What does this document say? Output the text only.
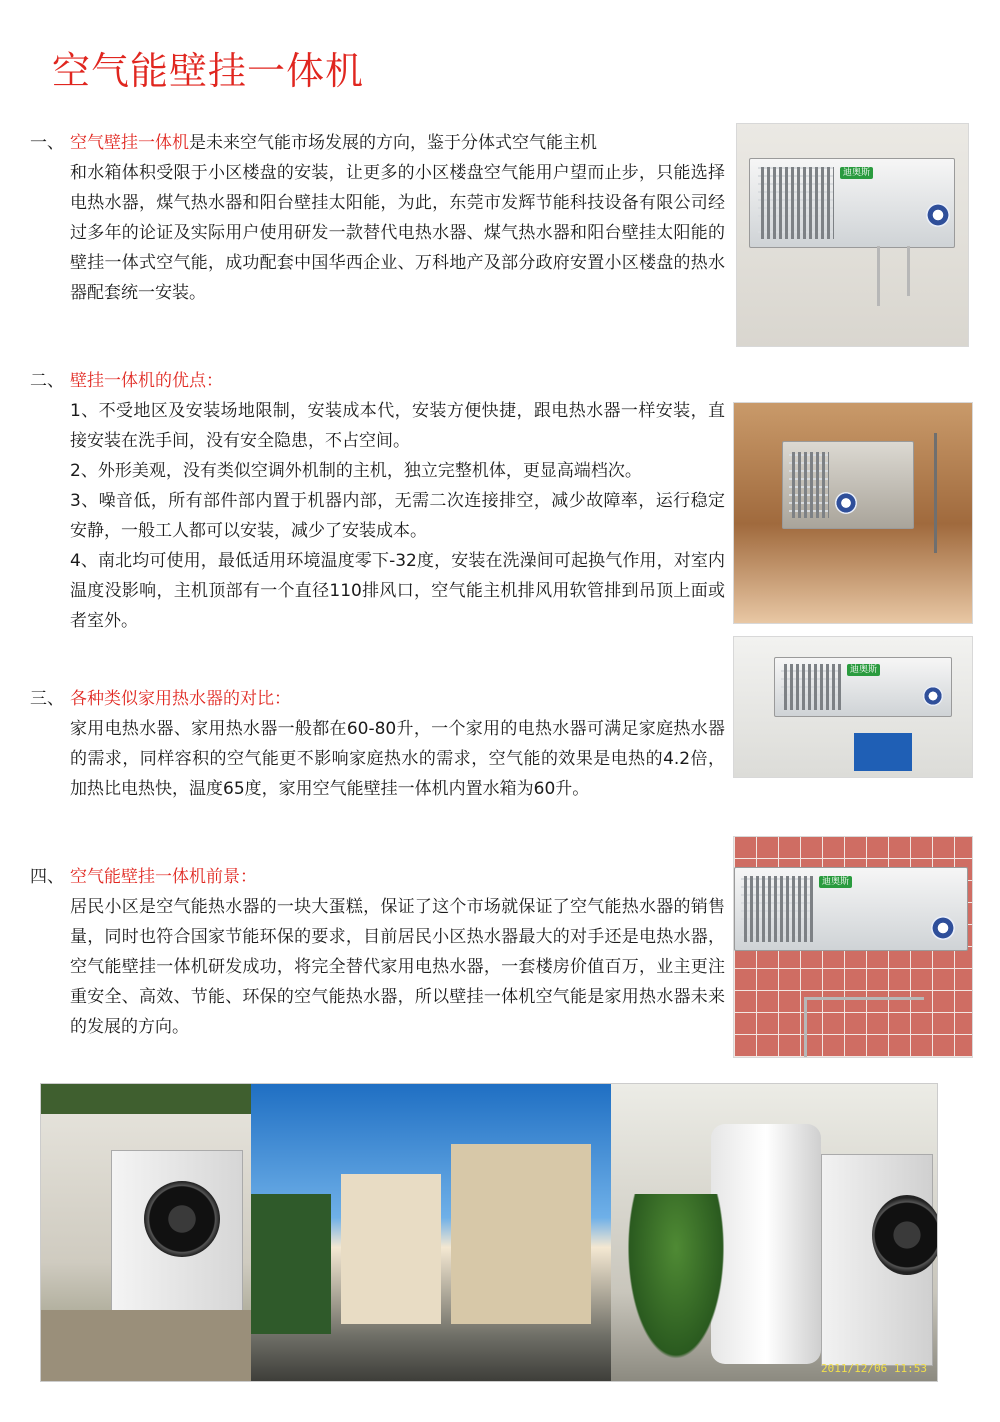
空气能壁挂一体机
一、 空气壁挂一体机是未来空气能市场发展的方向，鉴于分体式空气能主机
和水箱体积受限于小区楼盘的安装，让更多的小区楼盘空气能用户望而止步，只能选择电热水器，煤气热水器和阳台壁挂太阳能，为此，东莞市发辉节能科技设备有限公司经过多年的论证及实际用户使用研发一款替代电热水器、煤气热水器和阳台壁挂太阳能的壁挂一体式空气能，成功配套中国华西企业、万科地产及部分政府安置小区楼盘的热水器配套统一安装。
二、 壁挂一体机的优点：
1、不受地区及安装场地限制，安装成本代，安装方便快捷，跟电热水器一样安装，直接安装在洗手间，没有安全隐患，不占空间。
2、外形美观，没有类似空调外机制的主机，独立完整机体，更显高端档次。
3、噪音低，所有部件部内置于机器内部，无需二次连接排空，减少故障率，运行稳定安静，一般工人都可以安装，减少了安装成本。
4、南北均可使用，最低适用环境温度零下-32度，安装在洗澡间可起换气作用，对室内温度没影响，主机顶部有一个直径110排风口，空气能主机排风用软管排到吊顶上面或者室外。
三、 各种类似家用热水器的对比：
家用电热水器、家用热水器一般都在60-80升，一个家用的电热水器可满足家庭热水器的需求，同样容积的空气能更不影响家庭热水的需求，空气能的效果是电热的4.2倍，加热比电热快，温度65度，家用空气能壁挂一体机内置水箱为60升。
四、 空气能壁挂一体机前景：
居民小区是空气能热水器的一块大蛋糕，保证了这个市场就保证了空气能热水器的销售量，同时也符合国家节能环保的要求，目前居民小区热水器最大的对手还是电热水器，空气能壁挂一体机研发成功，将完全替代家用电热水器，一套楼房价值百万，业主更注重安全、高效、节能、环保的空气能热水器，所以壁挂一体机空气能是家用热水器未来的发展的方向。
迪奥斯
迪奥斯
迪奥斯
2011/12/06 11:53
